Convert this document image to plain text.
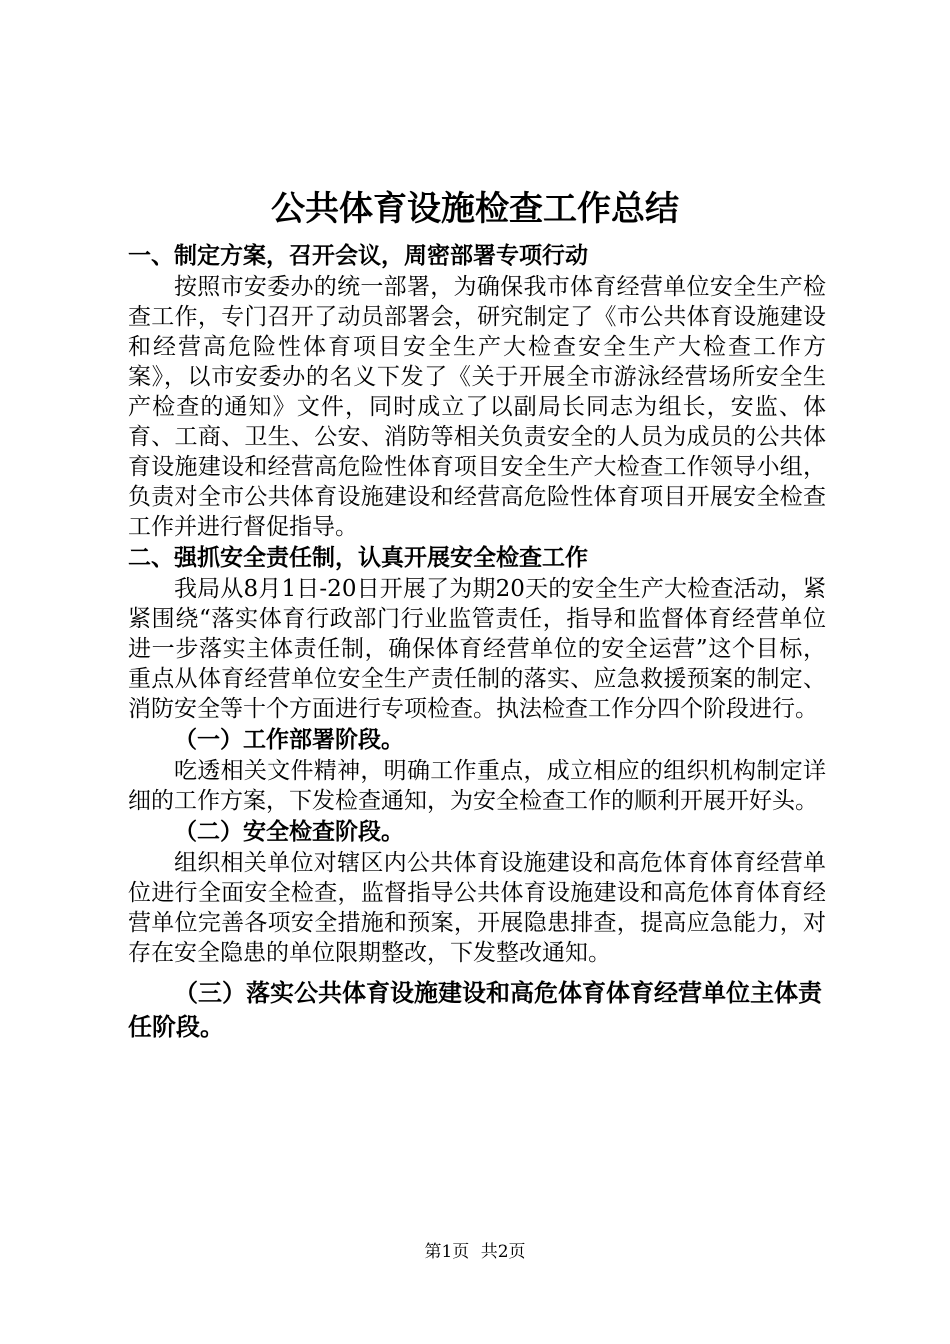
公共体育设施检查工作总结

一、制定方案，召开会议，周密部署专项行动

按照市安委办的统一部署，为确保我市体育经营单位安全生产检查工作，专门召开了动员部署会，研究制定了《市公共体育设施建设和经营高危险性体育项目安全生产大检查安全生产大检查工作方案》，以市安委办的名义下发了《关于开展全市游泳经营场所安全生产检查的通知》文件，同时成立了以副局长同志为组长，安监、体育、工商、卫生、公安、消防等相关负责安全的人员为成员的公共体育设施建设和经营高危险性体育项目安全生产大检查工作领导小组，负责对全市公共体育设施建设和经营高危险性体育项目开展安全检查工作并进行督促指导。

二、强抓安全责任制，认真开展安全检查工作

我局从8月1日-20日开展了为期20天的安全生产大检查活动，紧紧围绕“落实体育行政部门行业监管责任，指导和监督体育经营单位进一步落实主体责任制，确保体育经营单位的安全运营”这个目标，重点从体育经营单位安全生产责任制的落实、应急救援预案的制定、消防安全等十个方面进行专项检查。执法检查工作分四个阶段进行。

（一）工作部署阶段。

吃透相关文件精神，明确工作重点，成立相应的组织机构制定详细的工作方案，下发检查通知，为安全检查工作的顺利开展开好头。

（二）安全检查阶段。

组织相关单位对辖区内公共体育设施建设和高危体育体育经营单位进行全面安全检查，监督指导公共体育设施建设和高危体育体育经营单位完善各项安全措施和预案，开展隐患排查，提高应急能力，对存在安全隐患的单位限期整改，下发整改通知。

（三）落实公共体育设施建设和高危体育体育经营单位主体责任阶段。

第1页 共2页
